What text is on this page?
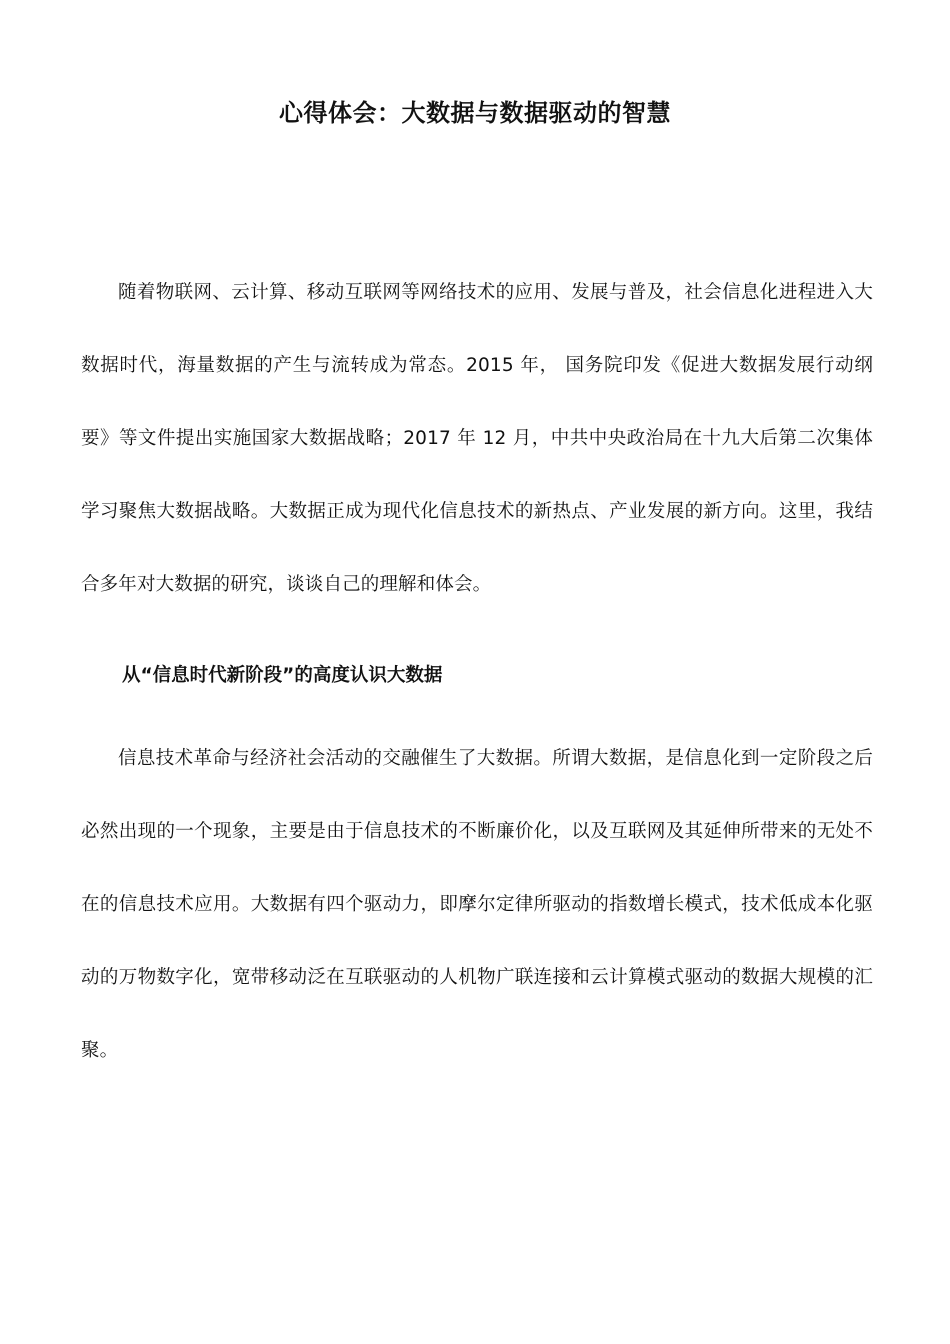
心得体会：大数据与数据驱动的智慧

随着物联网、云计算、移动互联网等网络技术的应用、发展与普及，社会信息化进程进入大数据时代，海量数据的产生与流转成为常态。2015 年， 国务院印发《促进大数据发展行动纲要》等文件提出实施国家大数据战略；2017 年 12 月，中共中央政治局在十九大后第二次集体学习聚焦大数据战略。大数据正成为现代化信息技术的新热点、产业发展的新方向。这里，我结合多年对大数据的研究，谈谈自己的理解和体会。

从“信息时代新阶段”的高度认识大数据

信息技术革命与经济社会活动的交融催生了大数据。所谓大数据，是信息化到一定阶段之后必然出现的一个现象，主要是由于信息技术的不断廉价化，以及互联网及其延伸所带来的无处不在的信息技术应用。大数据有四个驱动力，即摩尔定律所驱动的指数增长模式，技术低成本化驱动的万物数字化，宽带移动泛在互联驱动的人机物广联连接和云计算模式驱动的数据大规模的汇聚。
